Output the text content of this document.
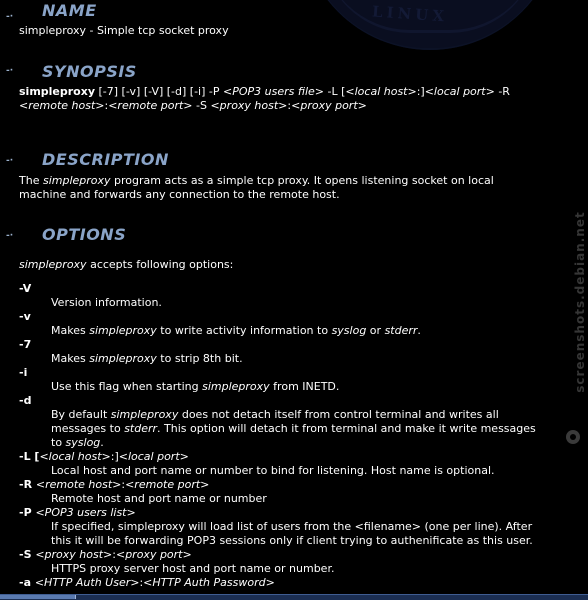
LINUX
screenshots.debian.net
-· NAME
simpleproxy - Simple tcp socket proxy
-· SYNOPSIS
simpleproxy [-7] [-v] [-V] [-d] [-i] -P <POP3 users file> -L [<local host>:]<local port> -R
<remote host>:<remote port> -S <proxy host>:<proxy port>
-· DESCRIPTION
The simpleproxy program acts as a simple tcp proxy. It opens listening socket on local
machine and forwards any connection to the remote host.
-· OPTIONS
simpleproxy accepts following options:
-V
Version information.
-v
Makes simpleproxy to write activity information to syslog or stderr.
-7
Makes simpleproxy to strip 8th bit.
-i
Use this flag when starting simpleproxy from INETD.
-d
By default simpleproxy does not detach itself from control terminal and writes all
messages to stderr. This option will detach it from terminal and make it write messages
to syslog.
-L [<local host>:]<local port>
Local host and port name or number to bind for listening. Host name is optional.
-R <remote host>:<remote port>
Remote host and port name or number
-P <POP3 users list>
If specified, simpleproxy will load list of users from the <filename> (one per line). After
this it will be forwarding POP3 sessions only if client trying to authenificate as this user.
-S <proxy host>:<proxy port>
HTTPS proxy server host and port name or number.
-a <HTTP Auth User>:<HTTP Auth Password>
